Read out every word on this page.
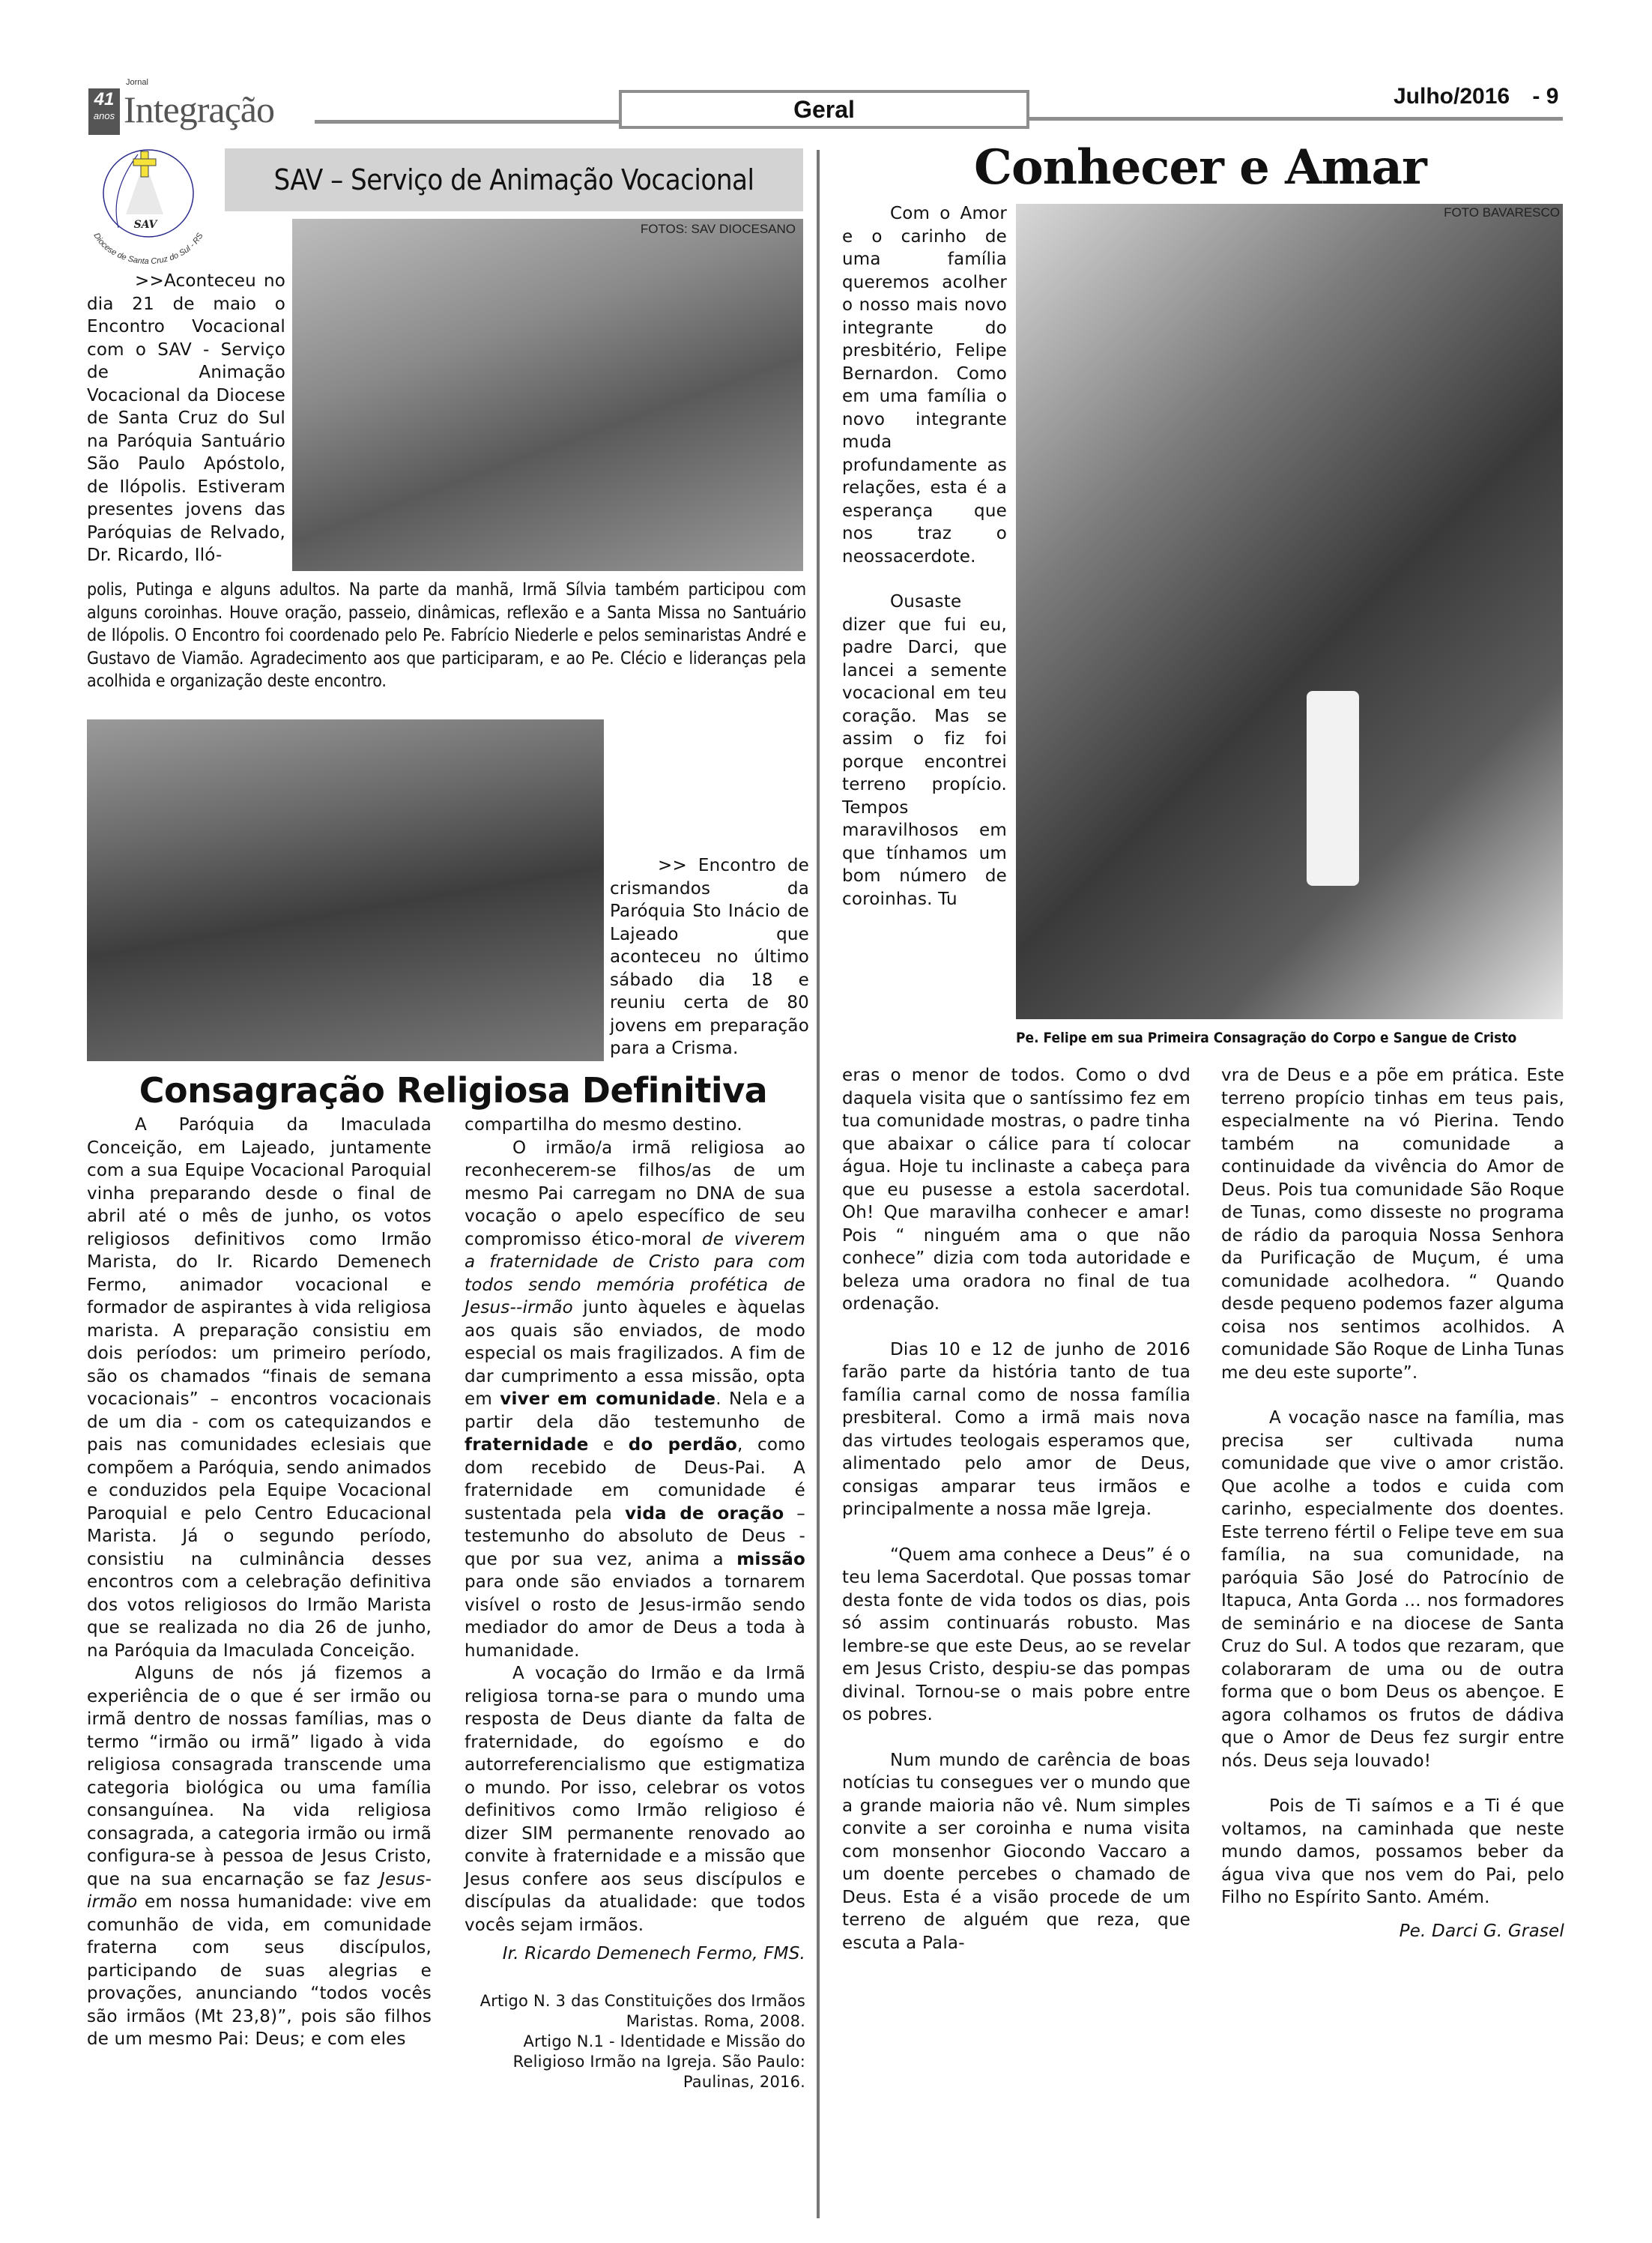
41
anos
Jornal
Integração	Geral	Julho/2016 - 9
SAV
Diocese de Santa Cruz do Sul - RS
SAV – Serviço de Animação Vocacional
FOTOS: SAV DIOCESANO

>>Aconteceu no dia 21 de maio o Encontro Vocacional com o SAV - Serviço de Animação Vocacional da Diocese de Santa Cruz do Sul na Paróquia Santuário São Paulo Apóstolo, de Ilópolis. Estiveram presentes jovens das Paróquias de Relvado, Dr. Ricardo, Iló-

polis, Putinga e alguns adultos. Na parte da manhã, Irmã Sílvia também participou com alguns coroinhas. Houve oração, passeio, dinâmicas, reflexão e a Santa Missa no Santuário de Ilópolis. O Encontro foi coordenado pelo Pe. Fabrício Niederle e pelos seminaristas André e Gustavo de Viamão. Agradecimento aos que participaram, e ao Pe. Clécio e lideranças pela acolhida e organização deste encontro.

>> Encontro de crismandos da Paróquia Sto Inácio de Lajeado que aconteceu no último sábado dia 18 e reuniu certa de 80 jovens em preparação para a Crisma.

Consagração Religiosa Definitiva

A Paróquia da Imaculada Conceição, em Lajeado, juntamente com a sua Equipe Vocacional Paroquial vinha preparando desde o final de abril até o mês de junho, os votos religiosos definitivos como Irmão Marista, do Ir. Ricardo Demenech Fermo, animador vocacional e formador de aspirantes à vida religiosa marista. A preparação consistiu em dois períodos: um primeiro período, são os chamados “finais de semana vocacionais” – encontros vocacionais de um dia - com os catequizandos e pais nas comunidades eclesiais que compõem a Paróquia, sendo animados e conduzidos pela Equipe Vocacional Paroquial e pelo Centro Educacional Marista. Já o segundo período, consistiu na culminância desses encontros com a celebração definitiva dos votos religiosos do Irmão Marista que se realizada no dia 26 de junho, na Paróquia da Imaculada Conceição.

Alguns de nós já fizemos a experiência de o que é ser irmão ou irmã dentro de nossas famílias, mas o termo “irmão ou irmã” ligado à vida religiosa consagrada transcende uma categoria biológica ou uma família consanguínea. Na vida religiosa consagrada, a categoria irmão ou irmã configura-se à pessoa de Jesus Cristo, que na sua encarnação se faz Jesus-irmão em nossa humanidade: vive em comunhão de vida, em comunidade fraterna com seus discípulos, participando de suas alegrias e provações, anunciando “todos vocês são irmãos (Mt 23,8)”, pois são filhos de um mesmo Pai: Deus; e com eles

compartilha do mesmo destino.

O irmão/a irmã religiosa ao reconhecerem-se filhos/as de um mesmo Pai carregam no DNA de sua vocação o apelo específico de seu compromisso ético-moral de viverem a fraternidade de Cristo para com todos sendo memória profética de Jesus--irmão junto àqueles e àquelas aos quais são enviados, de modo especial os mais fragilizados. A fim de dar cumprimento a essa missão, opta em viver em comunidade. Nela e a partir dela dão testemunho de fraternidade e do perdão, como dom recebido de Deus-Pai. A fraternidade em comunidade é sustentada pela vida de oração – testemunho do absoluto de Deus - que por sua vez, anima a missão para onde são enviados a tornarem visível o rosto de Jesus-irmão sendo mediador do amor de Deus a toda à humanidade.

A vocação do Irmão e da Irmã religiosa torna-se para o mundo uma resposta de Deus diante da falta de fraternidade, do egoísmo e do autorreferencialismo que estigmatiza o mundo. Por isso, celebrar os votos definitivos como Irmão religioso é dizer SIM permanente renovado ao convite à fraternidade e a missão que Jesus confere aos seus discípulos e discípulas da atualidade: que todos vocês sejam irmãos.

Ir. Ricardo Demenech Fermo, FMS.

Artigo N. 3 das Constituições dos Irmãos Maristas. Roma, 2008.

Artigo N.1 - Identidade e Missão do Religioso Irmão na Igreja. São Paulo: Paulinas, 2016.

Conhecer e Amar
FOTO BAVARESCO
Pe. Felipe em sua Primeira Consagração do Corpo e Sangue de Cristo

Com o Amor e o carinho de uma família queremos acolher o nosso mais novo integrante do presbitério, Felipe Bernardon. Como em uma família o novo integrante muda profundamente as relações, esta é a esperança que nos traz o neossacerdote.

Ousaste dizer que fui eu, padre Darci, que lancei a semente vocacional em teu coração. Mas se assim o fiz foi porque encontrei terreno propício. Tempos maravilhosos em que tínhamos um bom número de coroinhas. Tu

eras o menor de todos. Como o dvd daquela visita que o santíssimo fez em tua comunidade mostras, o padre tinha que abaixar o cálice para tí colocar água. Hoje tu inclinaste a cabeça para que eu pusesse a estola sacerdotal. Oh! Que maravilha conhecer e amar! Pois “ ninguém ama o que não conhece” dizia com toda autoridade e beleza uma oradora no final de tua ordenação.

Dias 10 e 12 de junho de 2016 farão parte da história tanto de tua família carnal como de nossa família presbiteral. Como a irmã mais nova das virtudes teologais esperamos que, alimentado pelo amor de Deus, consigas amparar teus irmãos e principalmente a nossa mãe Igreja.

“Quem ama conhece a Deus” é o teu lema Sacerdotal. Que possas tomar desta fonte de vida todos os dias, pois só assim continuarás robusto. Mas lembre-se que este Deus, ao se revelar em Jesus Cristo, despiu-se das pompas divinal. Tornou-se o mais pobre entre os pobres.

Num mundo de carência de boas notícias tu consegues ver o mundo que a grande maioria não vê. Num simples convite a ser coroinha e numa visita com monsenhor Giocondo Vaccaro a um doente percebes o chamado de Deus. Esta é a visão procede de um terreno de alguém que reza, que escuta a Pala-

vra de Deus e a põe em prática. Este terreno propício tinhas em teus pais, especialmente na vó Pierina. Tendo também na comunidade a continuidade da vivência do Amor de Deus. Pois tua comunidade São Roque de Tunas, como disseste no programa de rádio da paroquia Nossa Senhora da Purificação de Muçum, é uma comunidade acolhedora. “ Quando desde pequeno podemos fazer alguma coisa nos sentimos acolhidos. A comunidade São Roque de Linha Tunas me deu este suporte”.

A vocação nasce na família, mas precisa ser cultivada numa comunidade que vive o amor cristão. Que acolhe a todos e cuida com carinho, especialmente dos doentes. Este terreno fértil o Felipe teve em sua família, na sua comunidade, na paróquia São José do Patrocínio de Itapuca, Anta Gorda ... nos formadores de seminário e na diocese de Santa Cruz do Sul. A todos que rezaram, que colaboraram de uma ou de outra forma que o bom Deus os abençoe. E agora colhamos os frutos de dádiva que o Amor de Deus fez surgir entre nós. Deus seja louvado!

Pois de Ti saímos e a Ti é que voltamos, na caminhada que neste mundo damos, possamos beber da água viva que nos vem do Pai, pelo Filho no Espírito Santo. Amém.

Pe. Darci G. Grasel
